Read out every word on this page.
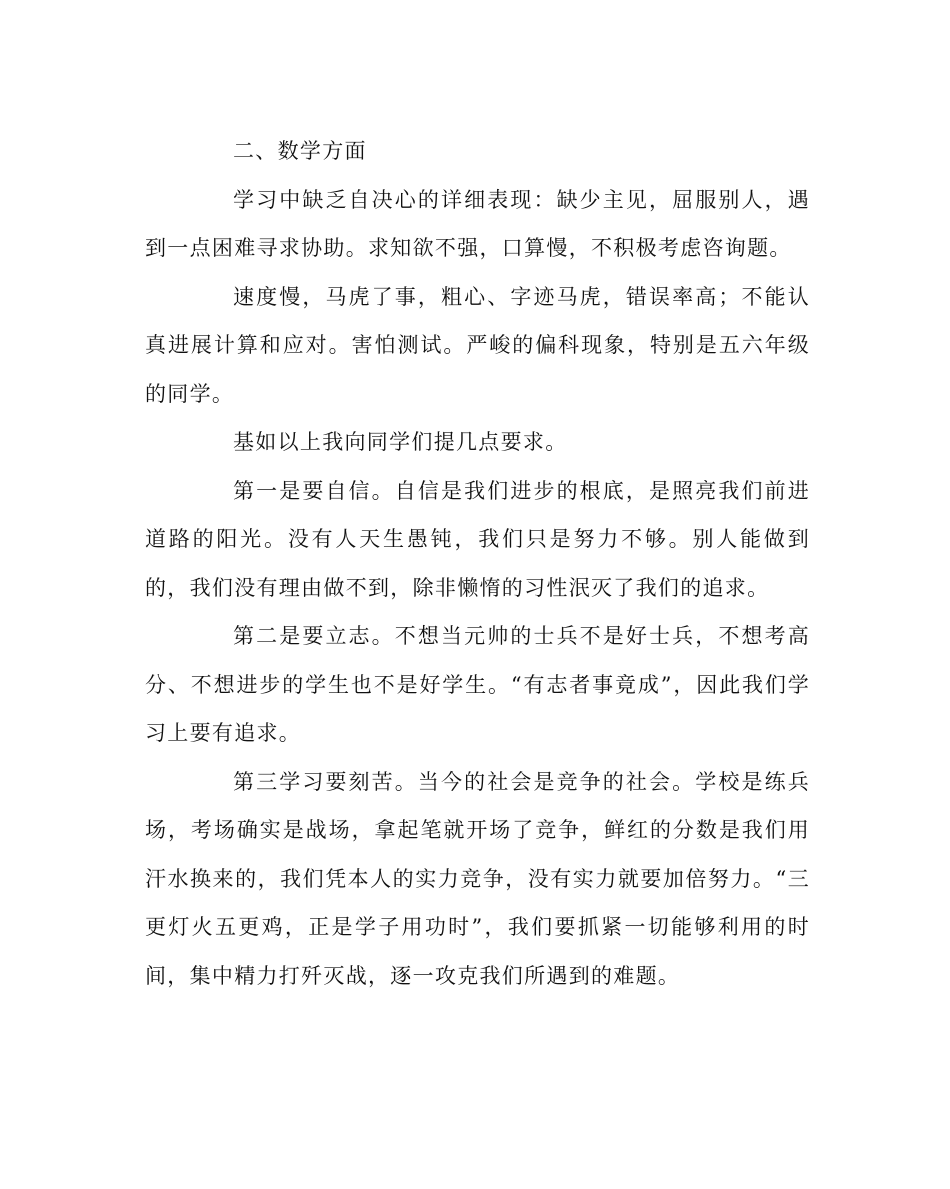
二、数学方面

学习中缺乏自决心的详细表现：缺少主见，屈服别人，遇到一点困难寻求协助。求知欲不强，口算慢，不积极考虑咨询题。

速度慢，马虎了事，粗心、字迹马虎，错误率高；不能认真进展计算和应对。害怕测试。严峻的偏科现象，特别是五六年级的同学。

基如以上我向同学们提几点要求。

第一是要自信。自信是我们进步的根底，是照亮我们前进道路的阳光。没有人天生愚钝，我们只是努力不够。别人能做到的，我们没有理由做不到，除非懒惰的习性泯灭了我们的追求。

第二是要立志。不想当元帅的士兵不是好士兵，不想考高分、不想进步的学生也不是好学生。“有志者事竟成”，因此我们学习上要有追求。

第三学习要刻苦。当今的社会是竞争的社会。学校是练兵场，考场确实是战场，拿起笔就开场了竞争，鲜红的分数是我们用汗水换来的，我们凭本人的实力竞争，没有实力就要加倍努力。“三更灯火五更鸡，正是学子用功时”，我们要抓紧一切能够利用的时间，集中精力打歼灭战，逐一攻克我们所遇到的难题。
